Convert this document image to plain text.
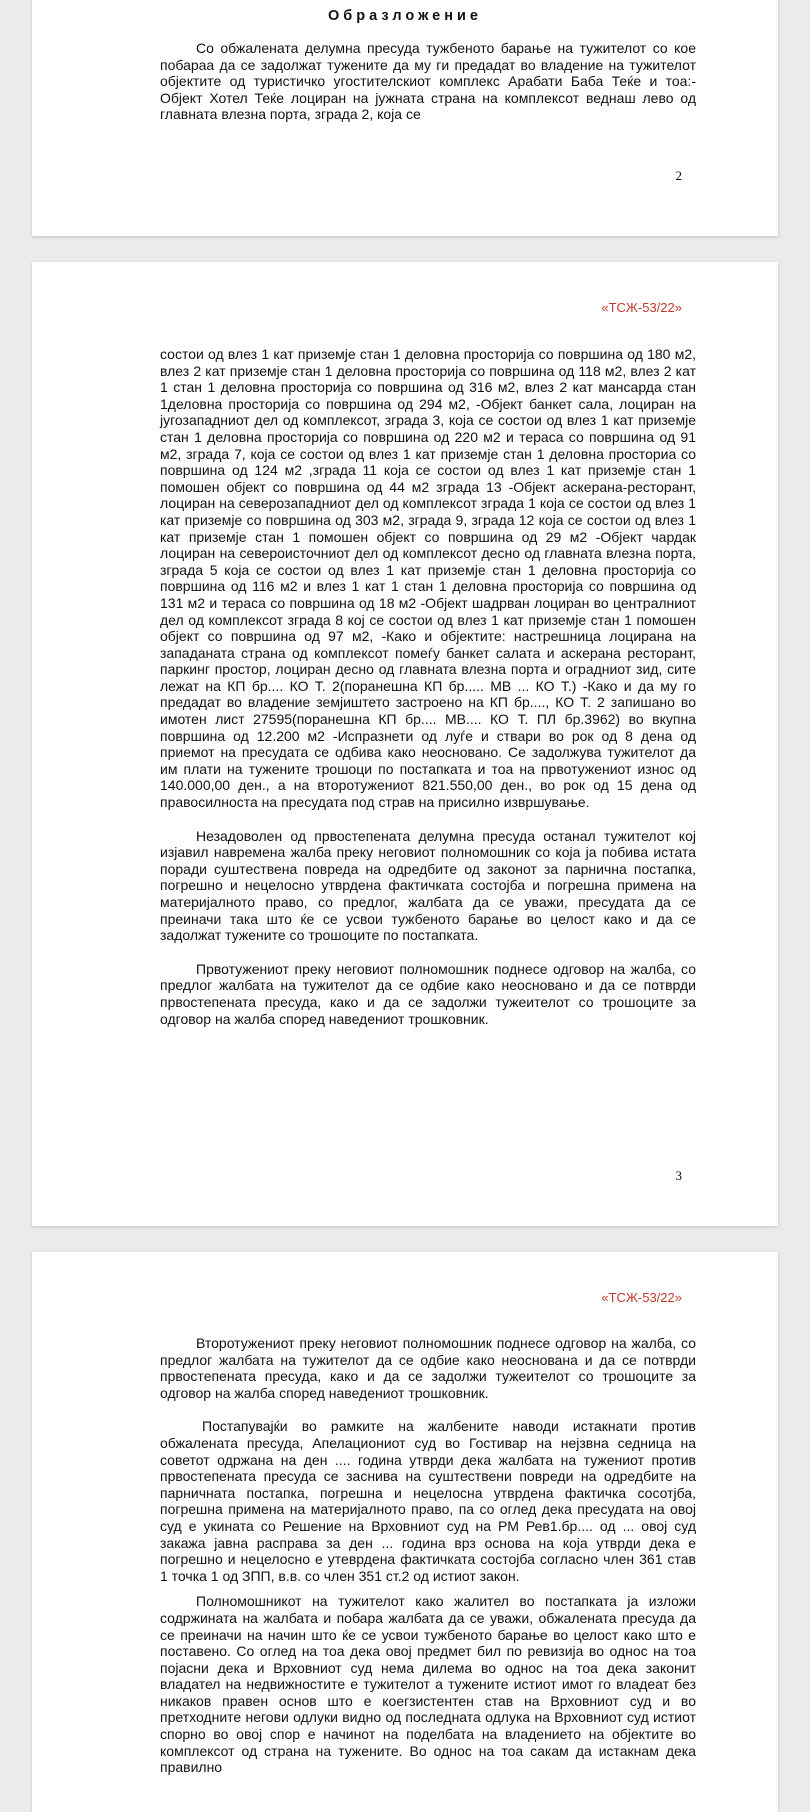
Образложение

Со обжалената делумна пресуда тужбеното барање на тужителот со кое побараа да се задолжат тужените да му ги предадат во владение на тужителот објектите од туристичко угостителскиот комплекс Арабати Баба Теќе и тоа:-Објект Хотел Теќе лоциран на јужната страна на комплексот веднаш лево од главната влезна порта, зграда 2, која се

2
«ТСЖ-53/22»

состои од влез 1 кат приземје стан 1 деловна просторија со површина од 180 м2, влез 2 кат приземје стан 1 деловна просторија со површина од 118 м2, влез 2 кат 1 стан 1 деловна просторија со површина од 316 м2, влез 2 кат мансарда стан 1деловна просторија со површина од 294 м2, -Објект банкет сала, лоциран на југозападниот дел од комплексот, зграда 3, која се состои од влез 1 кат приземје стан 1 деловна просторија со површина од 220 м2 и тераса со површина од 91 м2, зграда 7, која се состои од влез 1 кат приземје стан 1 деловна просториа со површина од 124 м2 ,зграда 11 која се состои од влез 1 кат приземје стан 1 помошен објект со површина од 44 м2 зграда 13 -Објект аскерана-ресторант, лоциран на северозападниот дел од комплексот зграда 1 која се состои од влез 1 кат приземје со површина од 303 м2, зграда 9, зграда 12 која се состои од влез 1 кат приземје стан 1 помошен објект со површина од 29 м2 -Објект чардак лоциран на североисточниот дел од комплексот десно од главната влезна порта, зграда 5 која се состои од влез 1 кат приземје стан 1 деловна просторија со површина од 116 м2 и влез 1 кат 1 стан 1 деловна просторија со површина од 131 м2 и тераса со површина од 18 м2 -Објект шадрван лоциран во централниот дел од комплексот зграда 8 кој се состои од влез 1 кат приземје стан 1 помошен објект со површина од 97 м2, -Како и објектите: настрешница лоцирана на западаната страна од комплексот помеѓу банкет салата и аскерана ресторант, паркинг простор, лоциран десно од главната влезна порта и оградниот зид, сите лежат на КП бр.... КО Т. 2(поранешна КП бр..... МВ ... КО Т.) -Како и да му го предадат во владение земјиштето застроено на КП бр...., КО Т. 2 запишано во имотен лист 27595(поранешна КП бр.... МВ.... КО Т. ПЛ бр.3962) во вкупна површина од 12.200 м2 -Испразнети од луѓе и ствари во рок од 8 дена од приемот на пресудата се одбива како неосновано. Се задолжува тужителот да им плати на тужените трошоци по постапката и тоа на првотужениот износ од 140.000,00 ден., а на второтужениот 821.550,00 ден., во рок од 15 дена од правосилноста на пресудата под страв на присилно извршување.

Незадоволен од првостепената делумна пресуда останал тужителот кој изјавил навремена жалба преку неговиот полномошник со која ја побива истата поради суштествена повреда на одредбите од законот за парнична постапка, погрешно и нецелосно утврдена фактичката состојба и погрешна примена на материјалното право, со предлог, жалбата да се уважи, пресудата да се преиначи така што ќе се усвои тужбеното барање во целост како и да се задолжат тужените со трошоците по постапката.

Првотужениот преку неговиот полномошник поднесе одговор на жалба, со предлог жалбата на тужителот да се одбие како неосновано и да се потврди првостепената пресуда, како и да се задолжи тужеителот со трошоците за одговор на жалба според наведениот трошковник.

3
«ТСЖ-53/22»

Второтужениот преку неговиот полномошник поднесе одговор на жалба, со предлог жалбата на тужителот да се одбие како неоснована и да се потврди првостепената пресуда, како и да се задолжи тужеителот со трошоците за одговор на жалба според наведениот трошковник.

Постапувајќи во рамките на жалбените наводи истакнати против обжалената пресуда, Апелациониот суд во Гостивар на нејзвна седница на советот одржана на ден .... година утврди дека жалбата на тужениот против првостепената пресуда се заснива на суштествени повреди на одредбите на парничната постапка, погрешна и нецелосна утврдена фактичка сосотјба, погрешна примена на материјалното право, па со оглед дека пресудата на овој суд е укината со Решение на Врховниот суд на РМ Рев1.бр.... од ... овој суд закажа јавна расправа за ден ... година врз основа на која утврди дека е погрешно и нецелосно е утеврдена фактичката состојба согласно член 361 став 1 точка 1 од ЗПП, в.в. со член 351 ст.2 од истиот закон.

Полномошникот на тужителот како жалител во постапката ја изложи содржината на жалбата и побара жалбата да се уважи, обжалената пресуда да се преиначи на начин што ќе се усвои тужбеното барање во целост како што е поставено. Со оглед на тоа дека овој предмет бил по ревизија во однос на тоа појасни дека и Врховниот суд нема дилема во однос на тоа дека законит владател на недвижностите е тужителот а тужените истиот имот го владеат без никаков правен основ што е коегзистентен став на Врховниот суд и во претходните негови одлуки видно од последната одлука на Врховниот суд истиот спорно во овој спор е начинот на поделбата на владението на објектите во комплексот од страна на тужените. Во однос на тоа сакам да истакнам дека правилно
